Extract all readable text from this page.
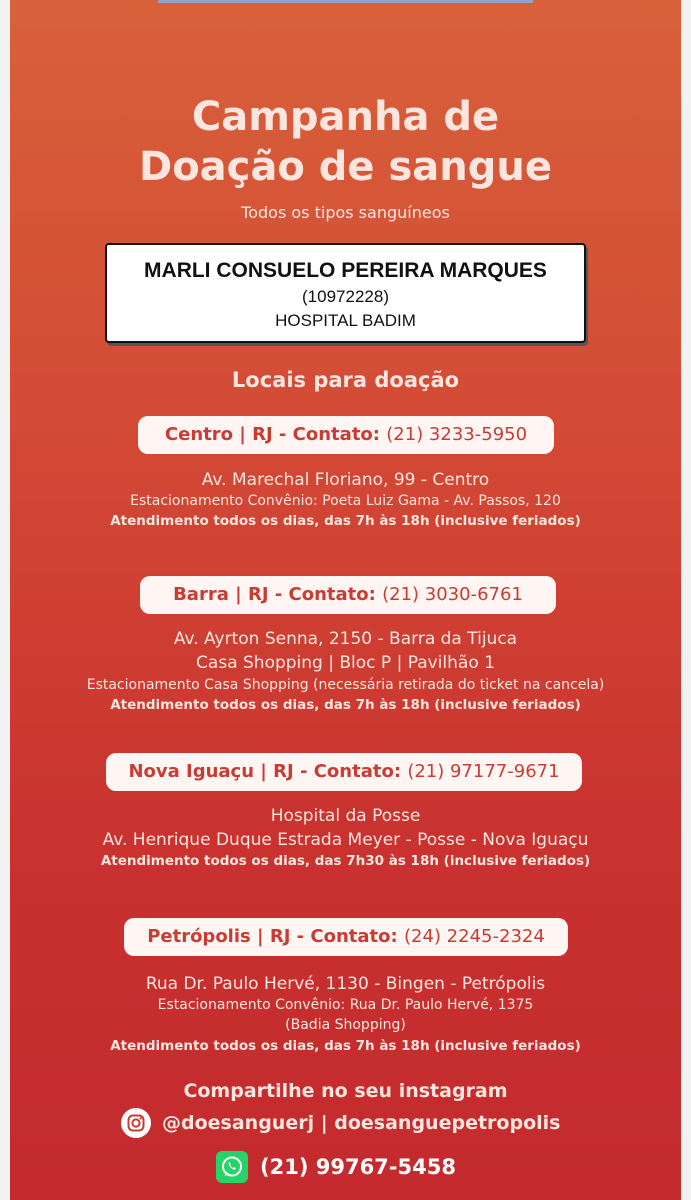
Campanha de
Doação de sangue
Todos os tipos sanguíneos
MARLI CONSUELO PEREIRA MARQUES
(10972228)
HOSPITAL BADIM
Locais para doação
Centro | RJ - Contato: (21) 3233-5950
Av. Marechal Floriano, 99 - Centro
Estacionamento Convênio: Poeta Luiz Gama - Av. Passos, 120
Atendimento todos os dias, das 7h às 18h (inclusive feriados)
Barra | RJ - Contato: (21) 3030-6761
Av. Ayrton Senna, 2150 - Barra da Tijuca
Casa Shopping | Bloc P | Pavilhão 1
Estacionamento Casa Shopping (necessária retirada do ticket na cancela)
Atendimento todos os dias, das 7h às 18h (inclusive feriados)
Nova Iguaçu | RJ - Contato: (21) 97177-9671
Hospital da Posse
Av. Henrique Duque Estrada Meyer - Posse - Nova Iguaçu
Atendimento todos os dias, das 7h30 às 18h (inclusive feriados)
Petrópolis | RJ - Contato: (24) 2245-2324
Rua Dr. Paulo Hervé, 1130 - Bingen - Petrópolis
Estacionamento Convênio: Rua Dr. Paulo Hervé, 1375
(Badia Shopping)
Atendimento todos os dias, das 7h às 18h (inclusive feriados)
Compartilhe no seu instagram
@doesanguerj | doesanguepetropolis
(21) 99767-5458
